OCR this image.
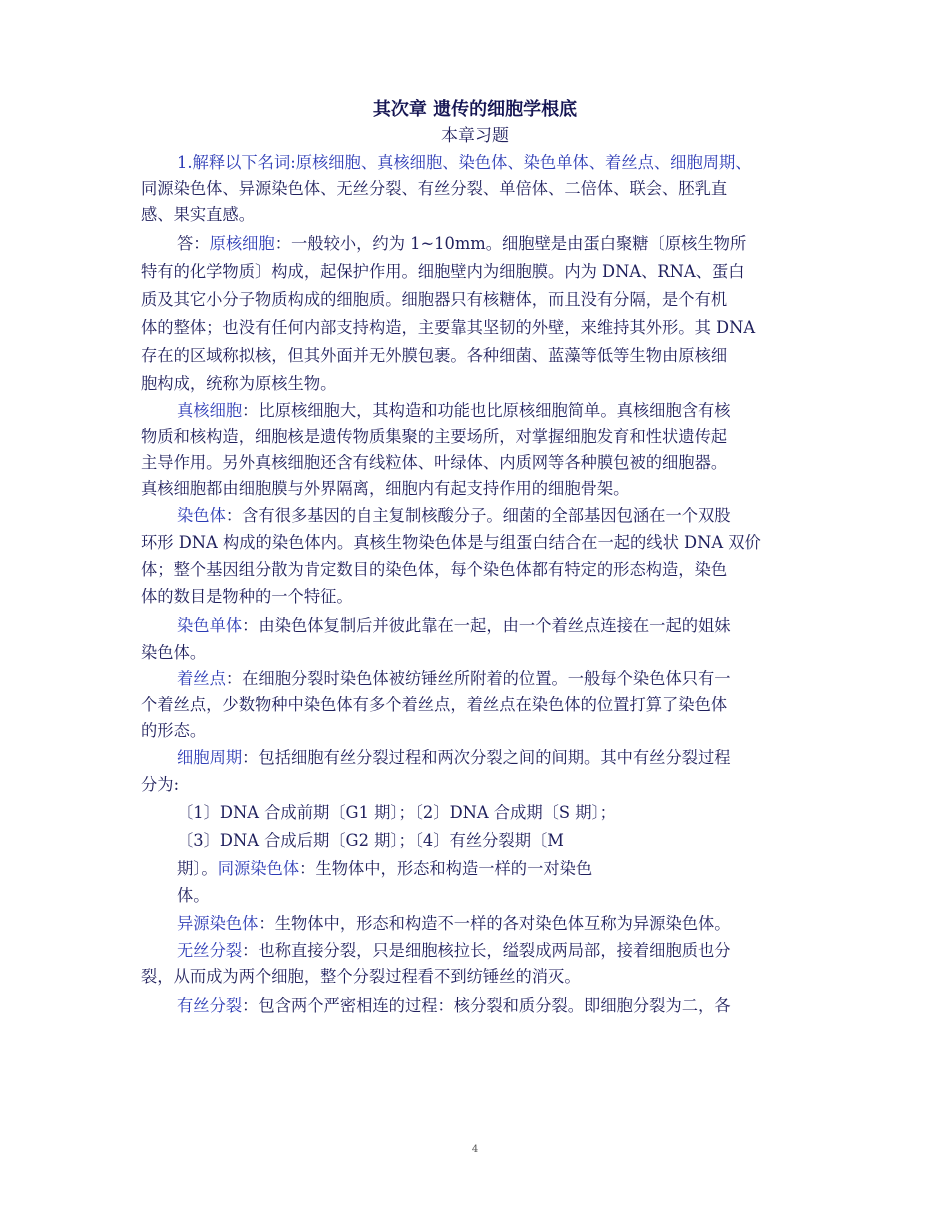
其次章 遗传的细胞学根底
本章习题
1.解释以下名词:原核细胞、真核细胞、染色体、染色单体、着丝点、细胞周期、
同源染色体、异源染色体、无丝分裂、有丝分裂、单倍体、二倍体、联会、胚乳直
感、果实直感。
答：原核细胞：一般较小，约为 1~10mm。细胞壁是由蛋白聚糖〔原核生物所
特有的化学物质〕构成，起保护作用。细胞壁内为细胞膜。内为 DNA、RNA、蛋白
质及其它小分子物质构成的细胞质。细胞器只有核糖体，而且没有分隔，是个有机
体的整体；也没有任何内部支持构造，主要靠其坚韧的外壁，来维持其外形。其 DNA
存在的区域称拟核，但其外面并无外膜包裹。各种细菌、蓝藻等低等生物由原核细
胞构成，统称为原核生物。
真核细胞：比原核细胞大，其构造和功能也比原核细胞简单。真核细胞含有核
物质和核构造，细胞核是遗传物质集聚的主要场所，对掌握细胞发育和性状遗传起
主导作用。另外真核细胞还含有线粒体、叶绿体、内质网等各种膜包被的细胞器。
真核细胞都由细胞膜与外界隔离，细胞内有起支持作用的细胞骨架。
染色体：含有很多基因的自主复制核酸分子。细菌的全部基因包涵在一个双股
环形 DNA 构成的染色体内。真核生物染色体是与组蛋白结合在一起的线状 DNA 双价
体；整个基因组分散为肯定数目的染色体，每个染色体都有特定的形态构造，染色
体的数目是物种的一个特征。
染色单体：由染色体复制后并彼此靠在一起，由一个着丝点连接在一起的姐妹
染色体。
着丝点：在细胞分裂时染色体被纺锤丝所附着的位置。一般每个染色体只有一
个着丝点，少数物种中染色体有多个着丝点，着丝点在染色体的位置打算了染色体
的形态。
细胞周期：包括细胞有丝分裂过程和两次分裂之间的间期。其中有丝分裂过程
分为:
〔1〕DNA 合成前期〔G1 期〕；〔2〕DNA 合成期〔S 期〕；
〔3〕DNA 合成后期〔G2 期〕；〔4〕有丝分裂期〔M
期〕。同源染色体：生物体中，形态和构造一样的一对染色
体。
异源染色体：生物体中，形态和构造不一样的各对染色体互称为异源染色体。
无丝分裂：也称直接分裂，只是细胞核拉长，缢裂成两局部，接着细胞质也分
裂，从而成为两个细胞，整个分裂过程看不到纺锤丝的消灭。
有丝分裂：包含两个严密相连的过程：核分裂和质分裂。即细胞分裂为二，各
4
